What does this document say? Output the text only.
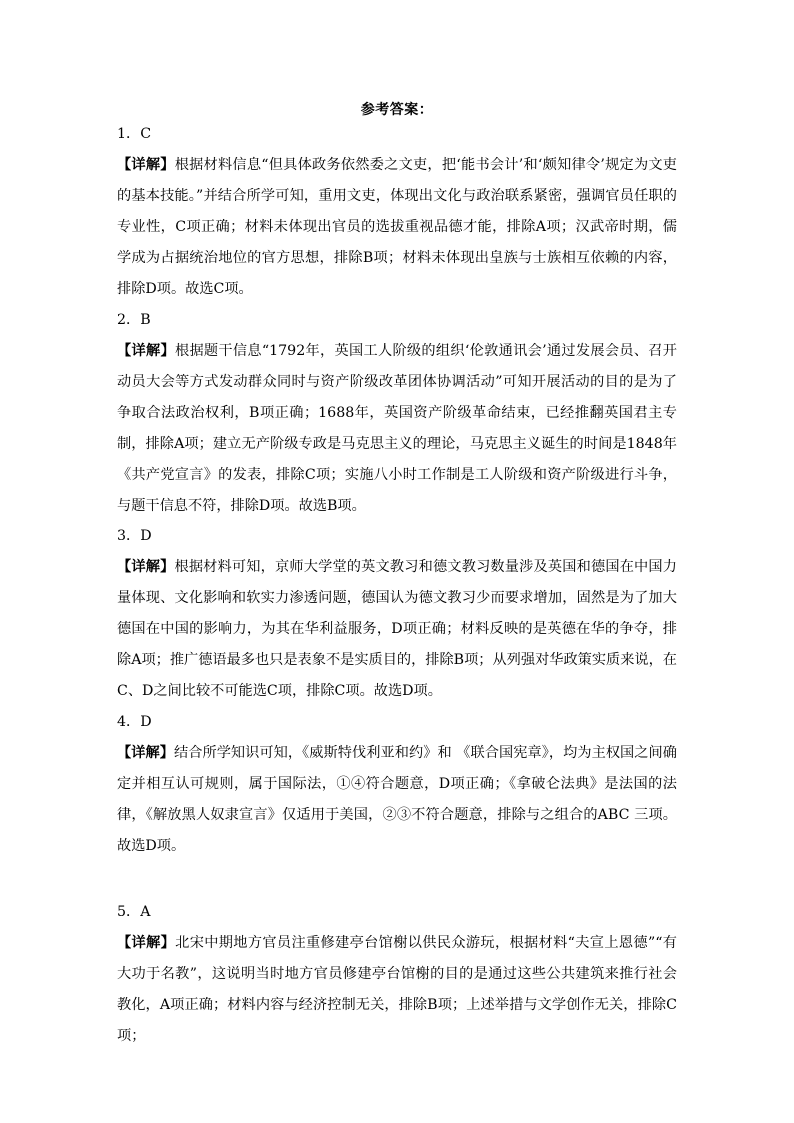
参考答案：
1．C
【详解】根据材料信息“但具体政务依然委之文吏，把‘能书会计’和‘颇知律令’规定为文吏的基本技能。”并结合所学可知，重用文吏，体现出文化与政治联系紧密，强调官员任职的专业性，C项正确；材料未体现出官员的选拔重视品德才能，排除A项；汉武帝时期，儒学成为占据统治地位的官方思想，排除B项；材料未体现出皇族与士族相互依赖的内容，排除D项。故选C项。
2．B
【详解】根据题干信息“1792年，英国工人阶级的组织‘伦敦通讯会’通过发展会员、召开动员大会等方式发动群众同时与资产阶级改革团体协调活动”可知开展活动的目的是为了争取合法政治权利，B项正确；1688年，英国资产阶级革命结束，已经推翻英国君主专制，排除A项；建立无产阶级专政是马克思主义的理论，马克思主义诞生的时间是1848年《共产党宣言》的发表，排除C项；实施八小时工作制是工人阶级和资产阶级进行斗争，与题干信息不符，排除D项。故选B项。
3．D
【详解】根据材料可知，京师大学堂的英文教习和德文教习数量涉及英国和德国在中国力量体现、文化影响和软实力渗透问题，德国认为德文教习少而要求增加，固然是为了加大德国在中国的影响力，为其在华利益服务，D项正确；材料反映的是英德在华的争夺，排除A项；推广德语最多也只是表象不是实质目的，排除B项；从列强对华政策实质来说，在C、D之间比较不可能选C项，排除C项。故选D项。
4．D
【详解】结合所学知识可知，《威斯特伐利亚和约》和 《联合国宪章》，均为主权国之间确定并相互认可规则，属于国际法，①④符合题意，D项正确；《拿破仑法典》是法国的法律，《解放黑人奴隶宣言》仅适用于美国，②③不符合题意，排除与之组合的ABC 三项。故选D项。
5．A
【详解】北宋中期地方官员注重修建亭台馆榭以供民众游玩，根据材料“夫宣上恩德”“有大功于名教”，这说明当时地方官员修建亭台馆榭的目的是通过这些公共建筑来推行社会教化，A项正确；材料内容与经济控制无关，排除B项；上述举措与文学创作无关，排除C项；
